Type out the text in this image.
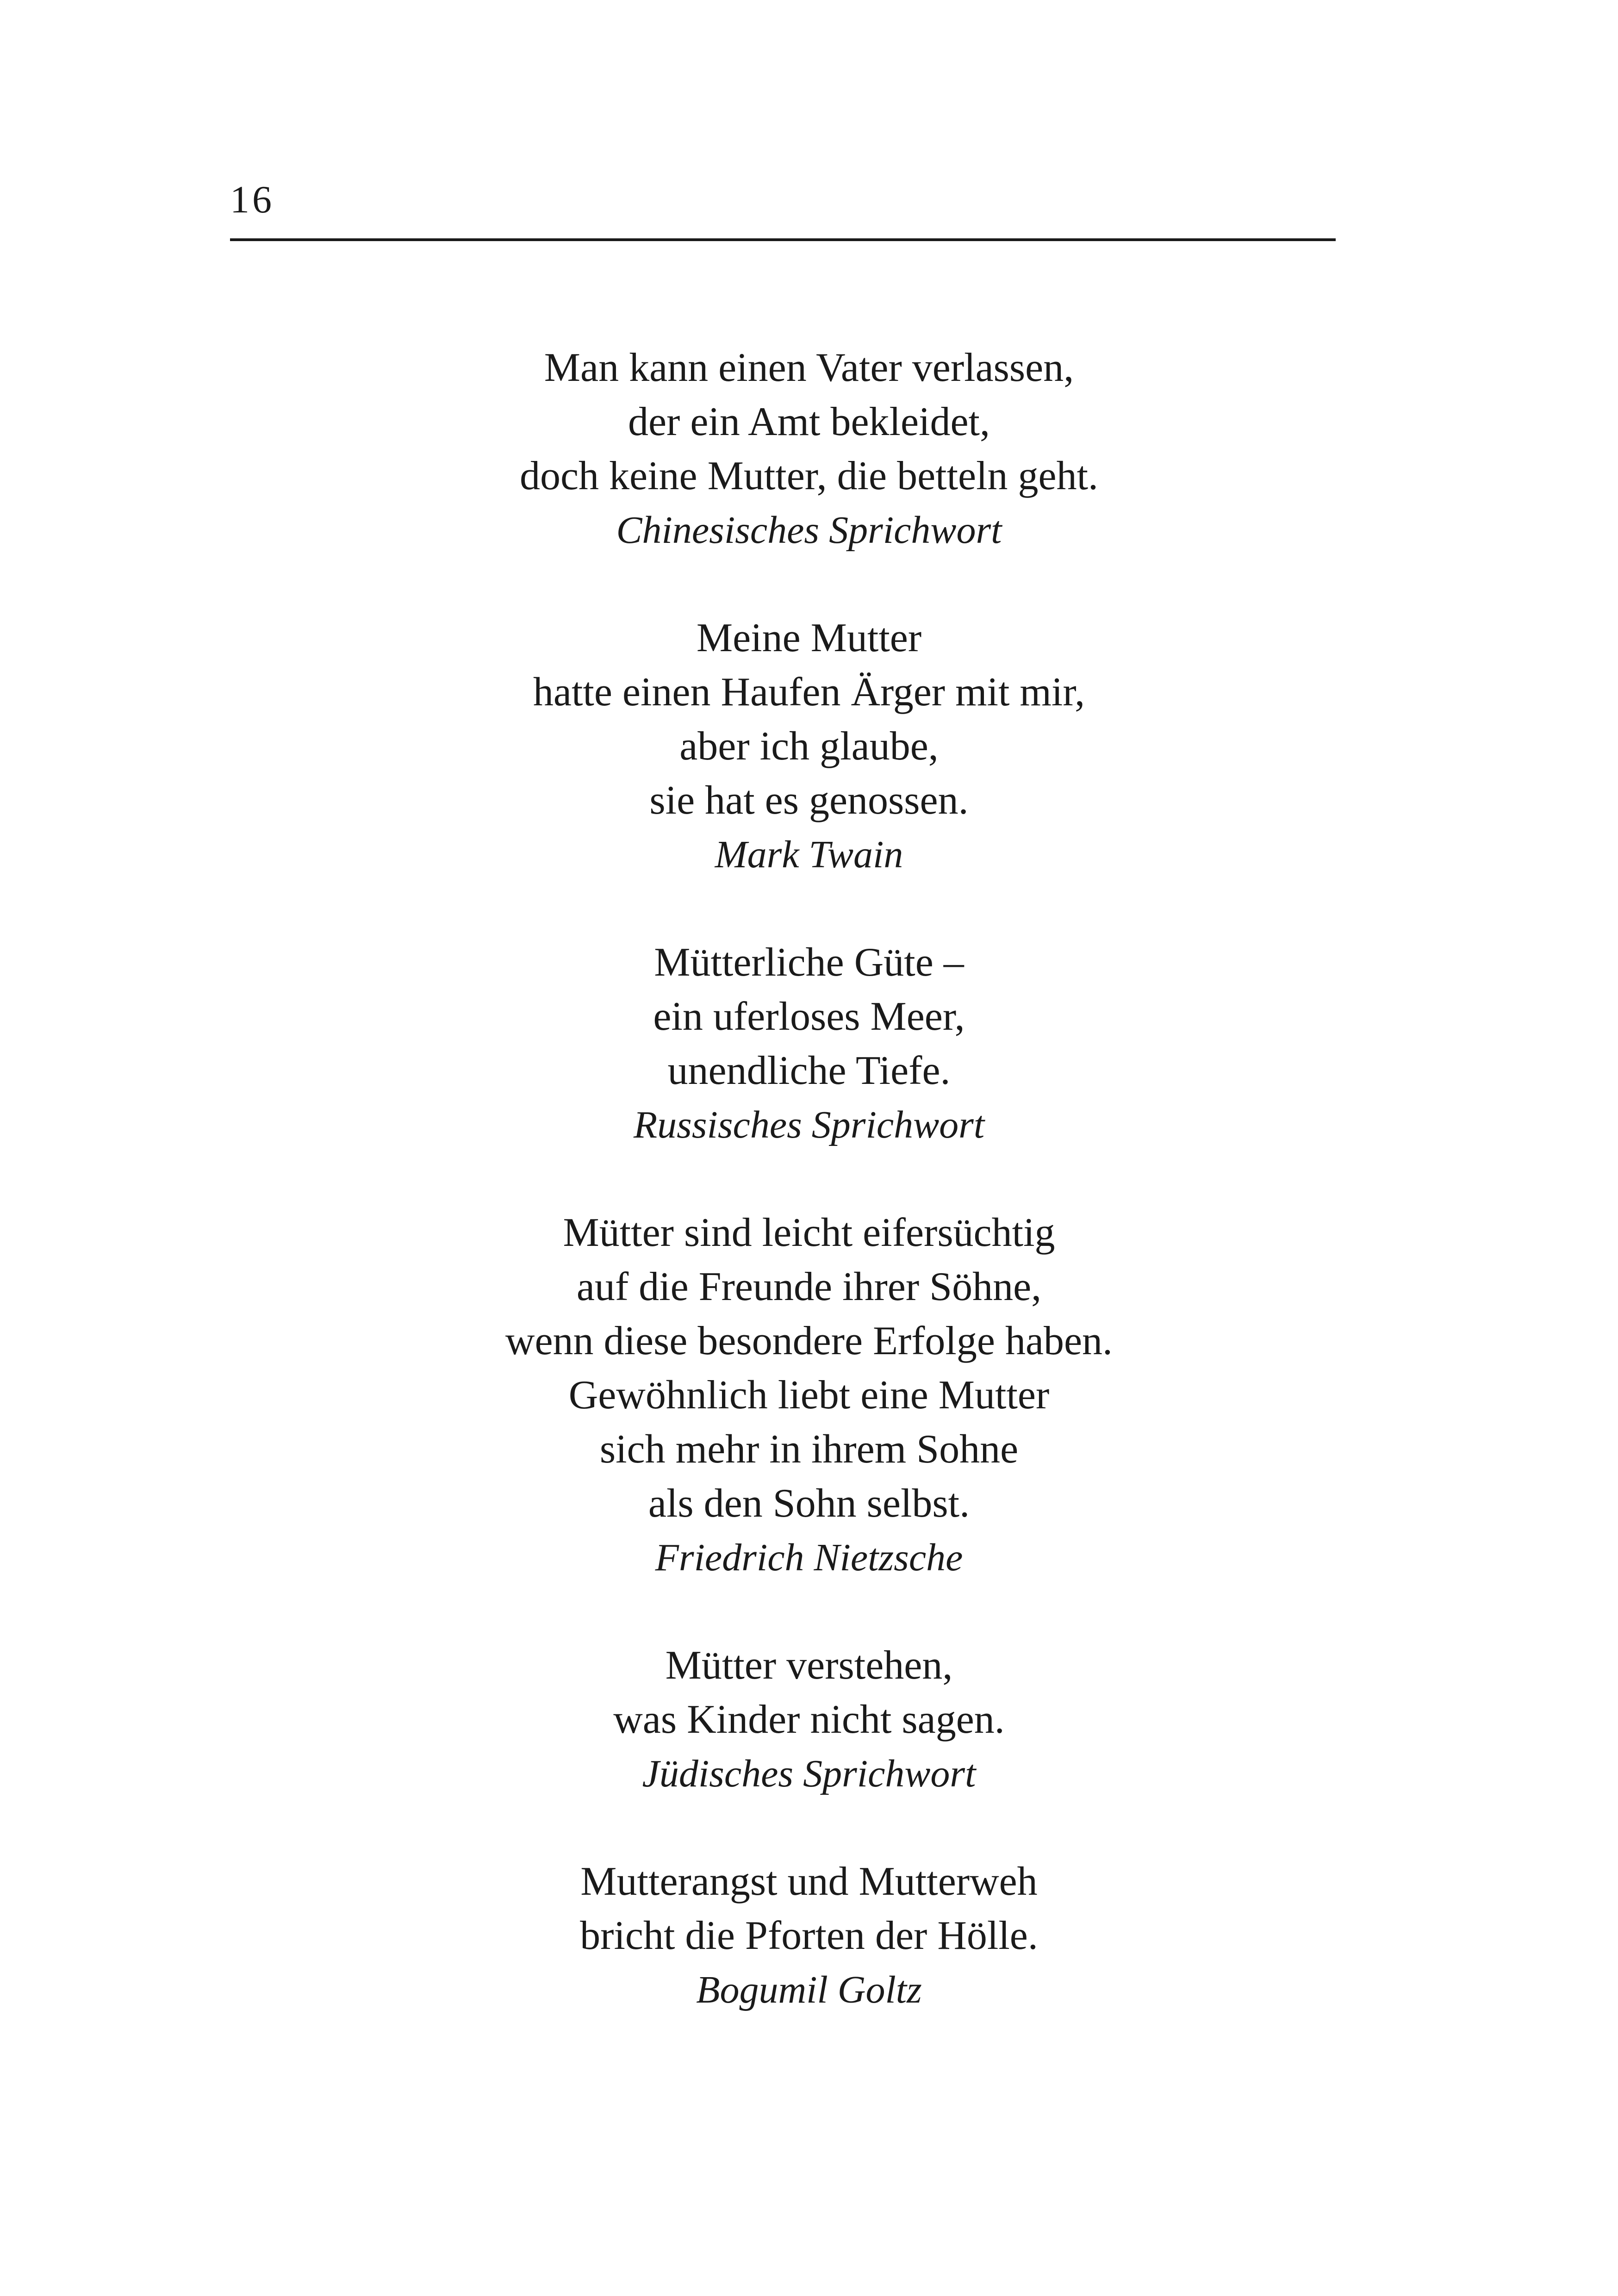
16
Man kann einen Vater verlassen,
der ein Amt bekleidet,
doch keine Mutter, die betteln geht.
Chinesisches Sprichwort
Meine Mutter
hatte einen Haufen Ärger mit mir,
aber ich glaube,
sie hat es genossen.
Mark Twain
Mütterliche Güte –
ein uferloses Meer,
unendliche Tiefe.
Russisches Sprichwort
Mütter sind leicht eifersüchtig
auf die Freunde ihrer Söhne,
wenn diese besondere Erfolge haben.
Gewöhnlich liebt eine Mutter
sich mehr in ihrem Sohne
als den Sohn selbst.
Friedrich Nietzsche
Mütter verstehen,
was Kinder nicht sagen.
Jüdisches Sprichwort
Mutterangst und Mutterweh
bricht die Pforten der Hölle.
Bogumil Goltz
